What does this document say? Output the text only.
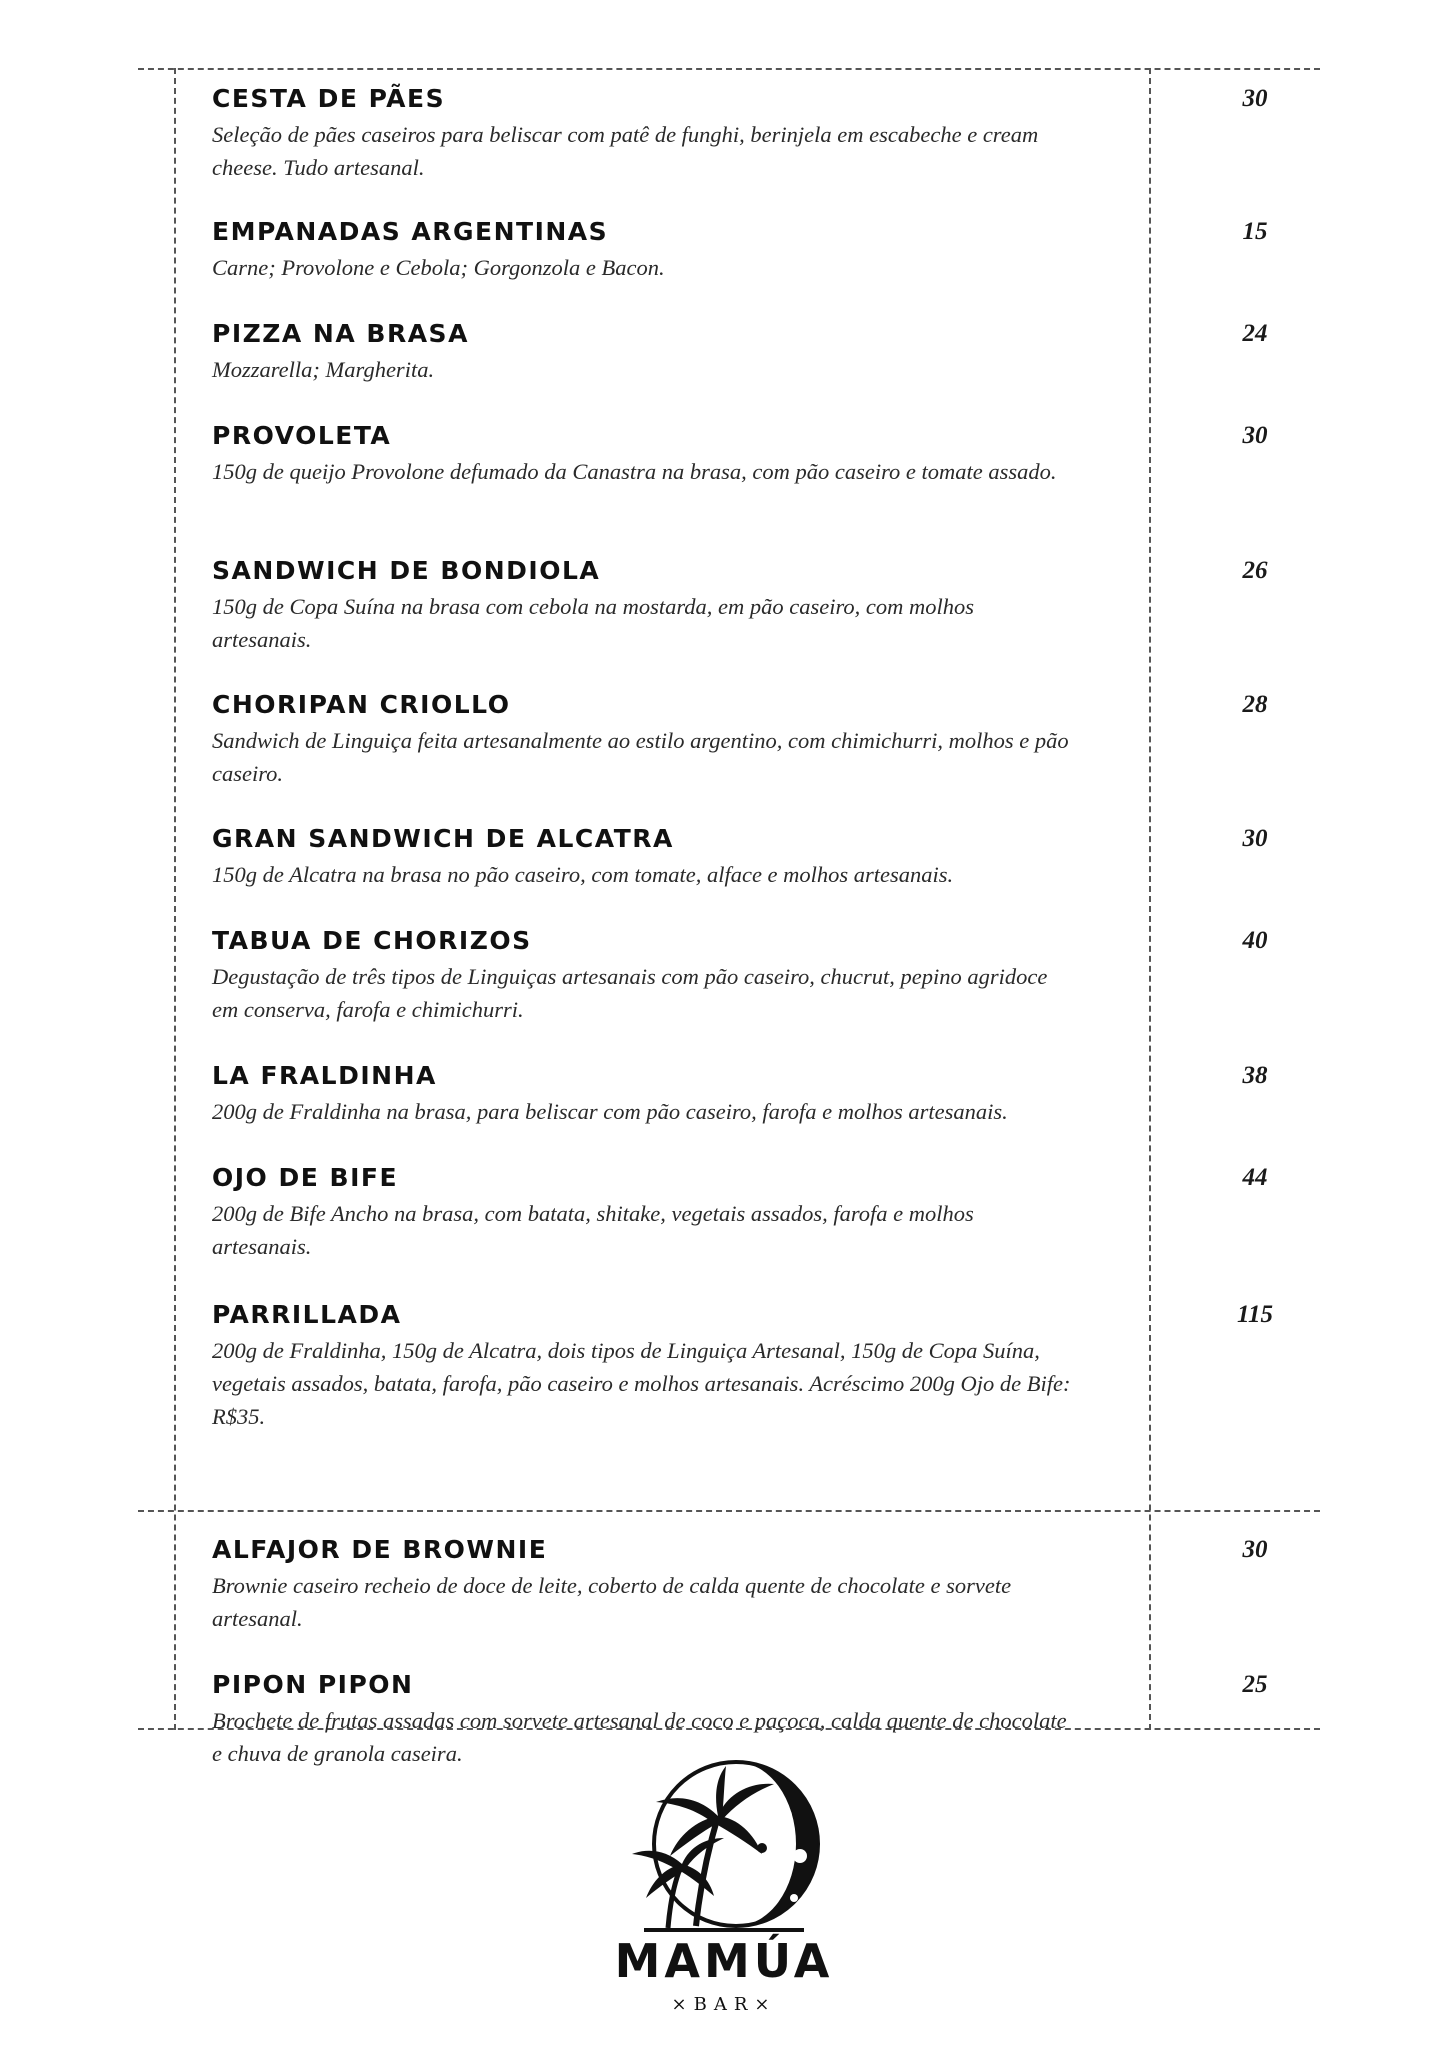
CESTA DE PÃES
Seleção de pães caseiros para beliscar com patê de funghi, berinjela em escabeche e cream cheese. Tudo artesanal.
30
EMPANADAS ARGENTINAS
Carne; Provolone e Cebola; Gorgonzola e Bacon.
15
PIZZA NA BRASA
Mozzarella; Margherita.
24
PROVOLETA
150g de queijo Provolone defumado da Canastra na brasa, com pão caseiro e tomate assado.
30
SANDWICH DE BONDIOLA
150g de Copa Suína na brasa com cebola na mostarda, em pão caseiro, com molhos artesanais.
26
CHORIPAN CRIOLLO
Sandwich de Linguiça feita artesanalmente ao estilo argentino, com chimichurri, molhos e pão caseiro.
28
GRAN SANDWICH DE ALCATRA
150g de Alcatra na brasa no pão caseiro, com tomate, alface e molhos artesanais.
30
TABUA DE CHORIZOS
Degustação de três tipos de Linguiças artesanais com pão caseiro, chucrut, pepino agridoce em conserva, farofa e chimichurri.
40
LA FRALDINHA
200g de Fraldinha na brasa, para beliscar com pão caseiro, farofa e molhos artesanais.
38
OJO DE BIFE
200g de Bife Ancho na brasa, com batata, shitake, vegetais assados, farofa e molhos artesanais.
44
PARRILLADA
200g de Fraldinha, 150g de Alcatra, dois tipos de Linguiça Artesanal, 150g de Copa Suína, vegetais assados, batata, farofa, pão caseiro e molhos artesanais. Acréscimo 200g Ojo de Bife: R$35.
115
ALFAJOR DE BROWNIE
Brownie caseiro recheio de doce de leite, coberto de calda quente de chocolate e sorvete artesanal.
30
PIPON PIPON
Brochete de frutas assadas com sorvete artesanal de coco e paçoca, calda quente de chocolate e chuva de granola caseira.
25
MAMÚA
×BAR×
